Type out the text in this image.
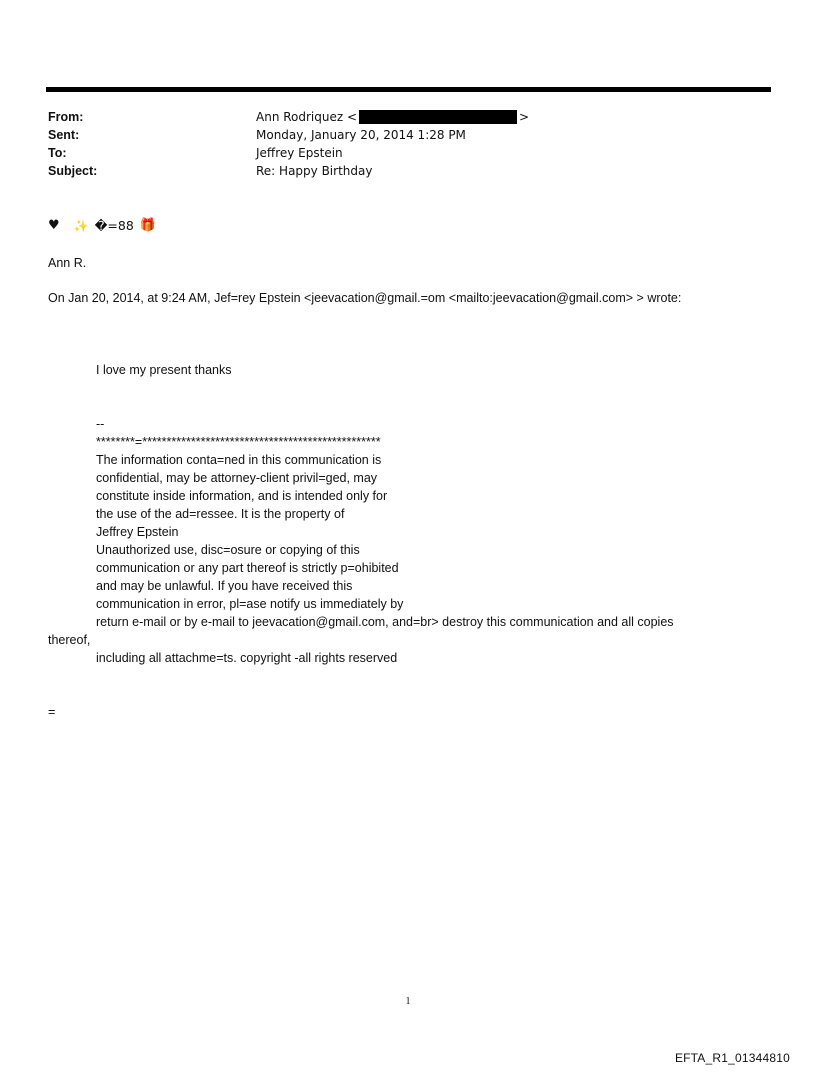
From:	Ann Rodriquez <	>
Sent:	Monday, January 20, 2014 1:28 PM
To:	Jeffrey Epstein
Subject:	Re: Happy Birthday
♥ ✨ �=88 🎁
Ann R.
On Jan 20, 2014, at 9:24 AM, Jef=rey Epstein <jeevacation@gmail.=om <mailto:jeevacation@gmail.com> > wrote:
I love my present thanks
--
********=*************************************************
The information conta=ned in this communication is
confidential, may be attorney-client privil=ged, may
constitute inside information, and is intended only for
the use of the ad=ressee. It is the property of
Jeffrey Epstein
Unauthorized use, disc=osure or copying of this
communication or any part thereof is strictly p=ohibited
and may be unlawful. If you have received this
communication in error, pl=ase notify us immediately by
return e-mail or by e-mail to jeevacation@gmail.com, and=br> destroy this communication and all copies
thereof,
including all attachme=ts. copyright -all rights reserved
=
1
EFTA_R1_01344810
